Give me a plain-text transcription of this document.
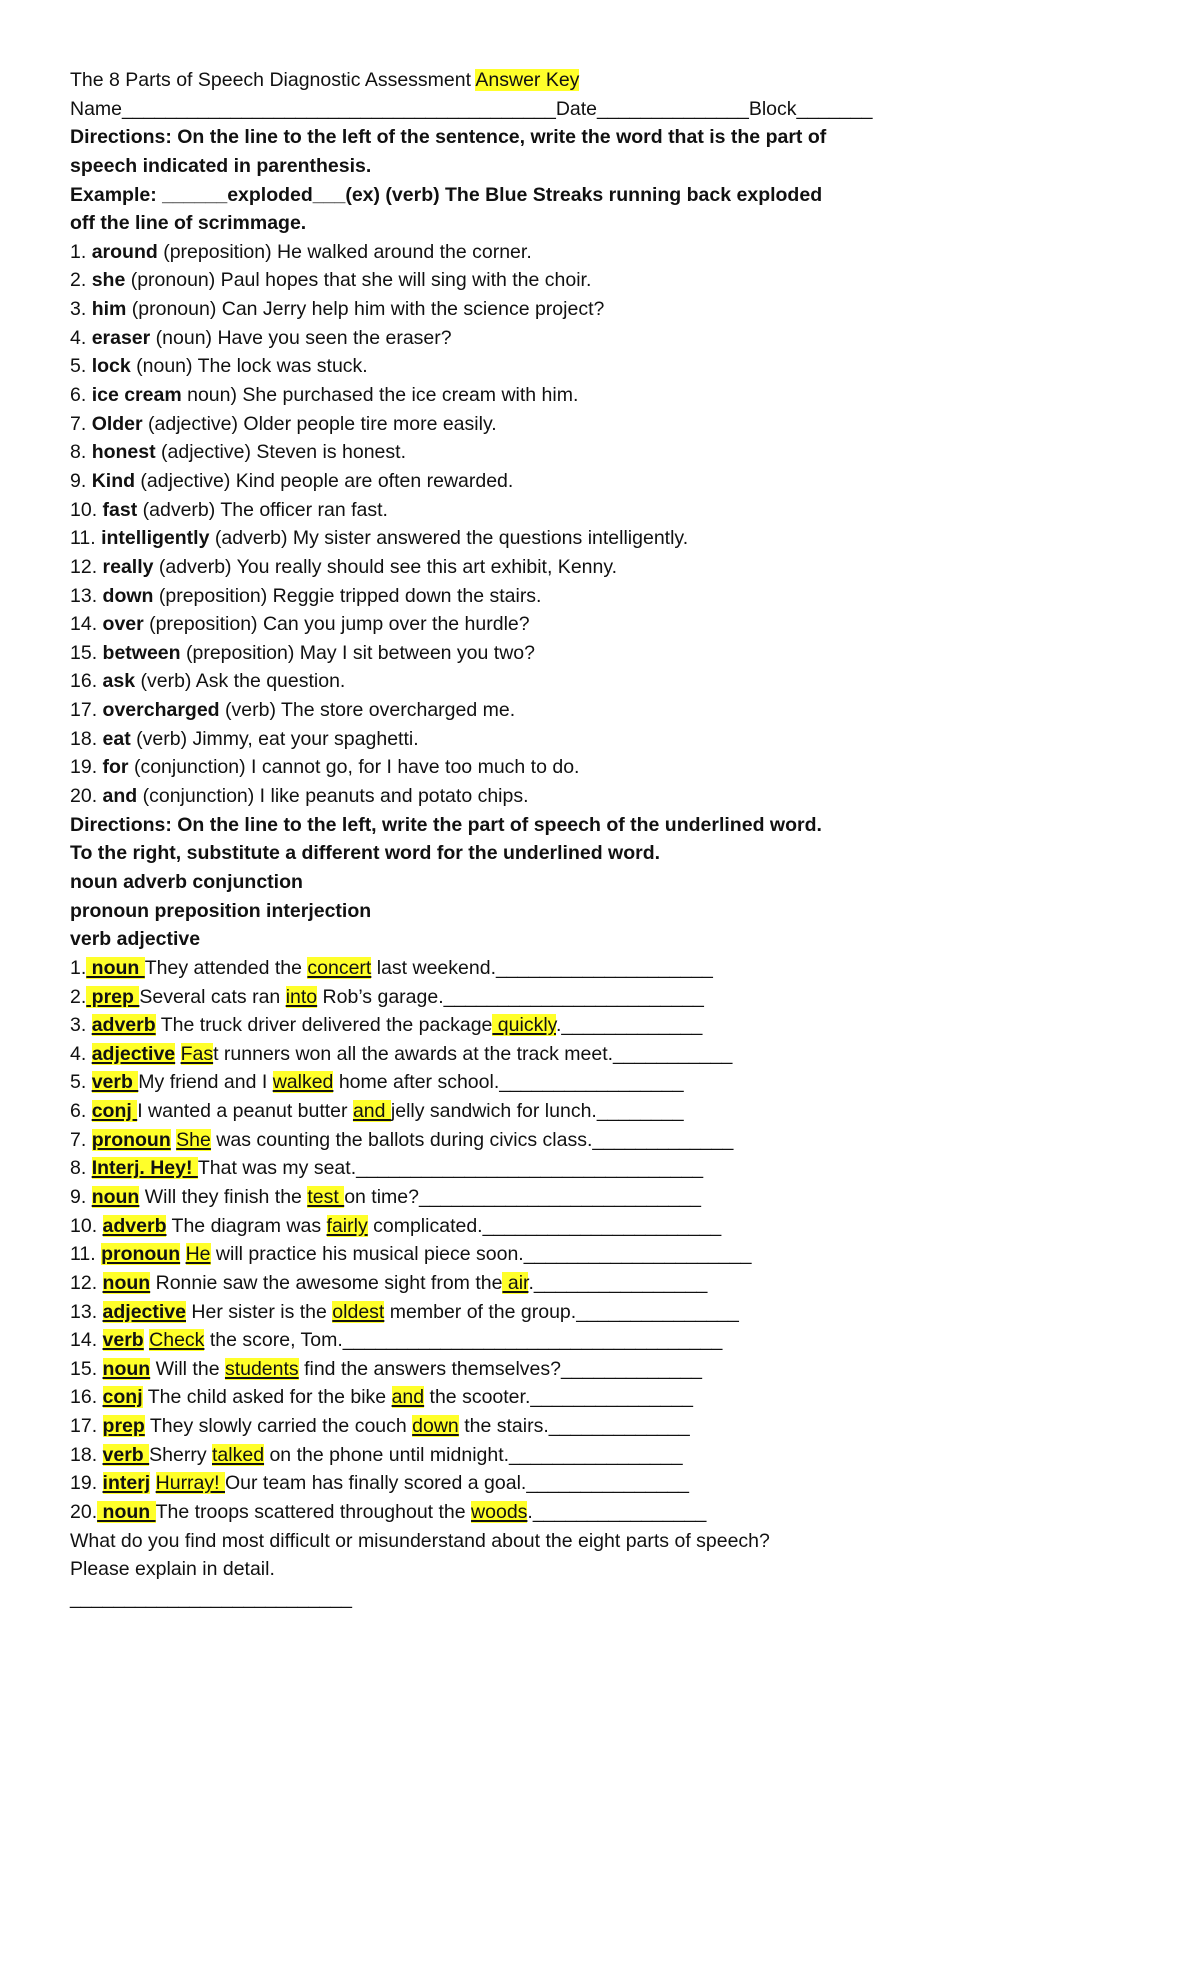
The 8 Parts of Speech Diagnostic Assessment Answer Key
Name________________________________________Date______________Block_______
Directions: On the line to the left of the sentence, write the word that is the part of
speech indicated in parenthesis.
Example: ______exploded___(ex) (verb) The Blue Streaks running back exploded
off the line of scrimmage.
1. around (preposition) He walked around the corner.
2. she (pronoun) Paul hopes that she will sing with the choir.
3. him (pronoun) Can Jerry help him with the science project?
4. eraser (noun) Have you seen the eraser?
5. lock (noun) The lock was stuck.
6. ice cream noun) She purchased the ice cream with him.
7. Older (adjective) Older people tire more easily.
8. honest (adjective) Steven is honest.
9. Kind (adjective) Kind people are often rewarded.
10. fast (adverb) The officer ran fast.
11. intelligently (adverb) My sister answered the questions intelligently.
12. really (adverb) You really should see this art exhibit, Kenny.
13. down (preposition) Reggie tripped down the stairs.
14. over (preposition) Can you jump over the hurdle?
15. between (preposition) May I sit between you two?
16. ask (verb) Ask the question.
17. overcharged (verb) The store overcharged me.
18. eat (verb) Jimmy, eat your spaghetti.
19. for (conjunction) I cannot go, for I have too much to do.
20. and (conjunction) I like peanuts and potato chips.
Directions: On the line to the left, write the part of speech of the underlined word.
To the right, substitute a different word for the underlined word.
noun adverb conjunction
pronoun preposition interjection
verb adjective
1. noun They attended the concert last weekend.____________________
2. prep Several cats ran into Rob’s garage.________________________
3. adverb The truck driver delivered the package quickly._____________
4. adjective Fast runners won all the awards at the track meet.___________
5. verb My friend and I walked home after school._________________
6. conj I wanted a peanut butter and jelly sandwich for lunch.________
7. pronoun She was counting the ballots during civics class._____________
8. Interj. Hey! That was my seat.________________________________
9. noun Will they finish the test on time?__________________________
10. adverb The diagram was fairly complicated.______________________
11. pronoun He will practice his musical piece soon._____________________
12. noun Ronnie saw the awesome sight from the air.________________
13. adjective Her sister is the oldest member of the group._______________
14. verb Check the score, Tom.___________________________________
15. noun Will the students find the answers themselves?_____________
16. conj The child asked for the bike and the scooter._______________
17. prep They slowly carried the couch down the stairs._____________
18. verb Sherry talked on the phone until midnight.________________
19. interj Hurray! Our team has finally scored a goal._______________
20. noun The troops scattered throughout the woods.________________
What do you find most difficult or misunderstand about the eight parts of speech?
Please explain in detail.
__________________________
